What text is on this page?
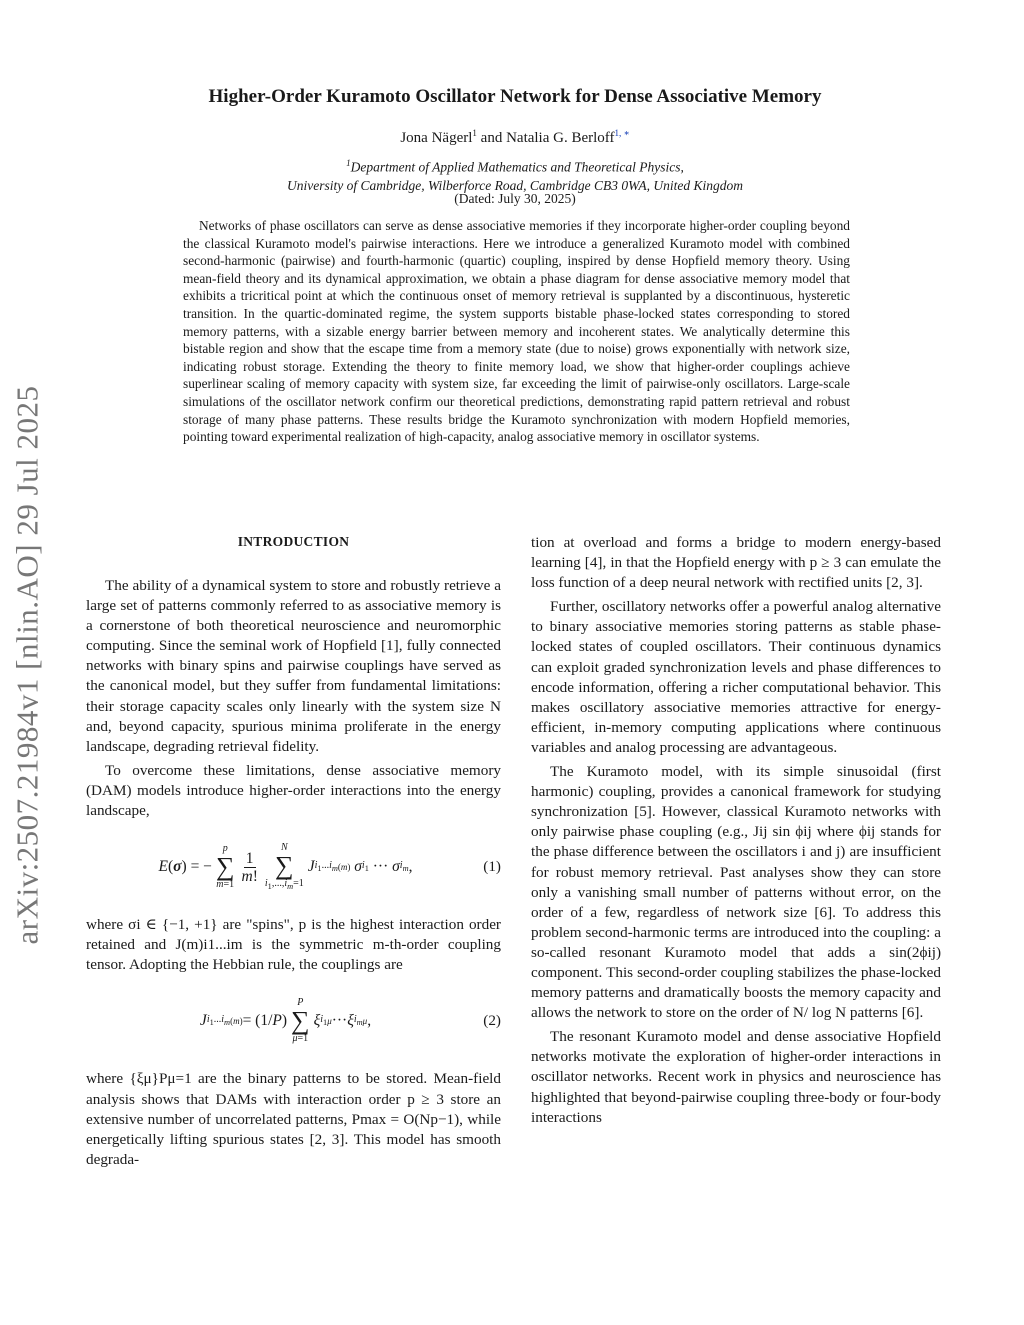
arXiv:2507.21984v1 [nlin.AO] 29 Jul 2025
Higher-Order Kuramoto Oscillator Network for Dense Associative Memory
Jona Nägerl$^1$ and Natalia G. Berloff$^{1, ∗}$
$^1$Department of Applied Mathematics and Theoretical Physics,
University of Cambridge, Wilberforce Road, Cambridge CB3 0WA, United Kingdom
(Dated: July 30, 2025)

Networks of phase oscillators can serve as dense associative memories if they incorporate higher-order coupling beyond the classical Kuramoto model's pairwise interactions. Here we introduce a generalized Kuramoto model with combined second-harmonic (pairwise) and fourth-harmonic (quartic) coupling, inspired by dense Hopfield memory theory. Using mean-field theory and its dynamical approximation, we obtain a phase diagram for dense associative memory model that exhibits a tricritical point at which the continuous onset of memory retrieval is supplanted by a discontinuous, hysteretic transition. In the quartic-dominated regime, the system supports bistable phase-locked states corresponding to stored memory patterns, with a sizable energy barrier between memory and incoherent states. We analytically determine this bistable region and show that the escape time from a memory state (due to noise) grows exponentially with network size, indicating robust storage. Extending the theory to finite memory load, we show that higher-order couplings achieve superlinear scaling of memory capacity with system size, far exceeding the limit of pairwise-only oscillators. Large-scale simulations of the oscillator network confirm our theoretical predictions, demonstrating rapid pattern retrieval and robust storage of many phase patterns. These results bridge the Kuramoto synchronization with modern Hopfield memories, pointing toward experimental realization of high-capacity, analog associative memory in oscillator systems.

INTRODUCTION

The ability of a dynamical system to store and robustly retrieve a large set of patterns commonly referred to as associative memory is a cornerstone of both theoretical neuroscience and neuromorphic computing. Since the seminal work of Hopfield [1], fully connected networks with binary spins and pairwise couplings have served as the canonical model, but they suffer from fundamental limitations: their storage capacity scales only linearly with the system size N and, beyond capacity, spurious minima proliferate in the energy landscape, degrading retrieval fidelity.

To overcome these limitations, dense associative memory (DAM) models introduce higher-order interactions into the energy landscape,

E ( σ ) = −
p
∑
$m=1 \frac{1}{m!}$
N
∑
$i_1,...,i_m=1$
J $i_1...i_m$ (m)
σ $i_1$ ··· σ $i_m$ ,	(1)

where σi ∈ {−1, +1} are "spins", p is the highest interaction order retained and J(m)i1...im is the symmetric m-th-order coupling tensor. Adopting the Hebbian rule, the couplings are

J $i_1...i_m$ (m) = (1/ P )
P
∑
μ=1
ξ $i_1$ μ ··· ξ $i_m$ μ ,	(2)

where {ξμ}Pμ=1 are the binary patterns to be stored. Mean-field analysis shows that DAMs with interaction order p ≥ 3 store an extensive number of uncorrelated patterns, Pmax = O(Np−1), while energetically lifting spurious states [2, 3]. This model has smooth degrada-

tion at overload and forms a bridge to modern energy-based learning [4], in that the Hopfield energy with p ≥ 3 can emulate the loss function of a deep neural network with rectified units [2, 3].

Further, oscillatory networks offer a powerful analog alternative to binary associative memories storing patterns as stable phase-locked states of coupled oscillators. Their continuous dynamics can exploit graded synchronization levels and phase differences to encode information, offering a richer computational behavior. This makes oscillatory associative memories attractive for energy-efficient, in-memory computing applications where continuous variables and analog processing are advantageous.

The Kuramoto model, with its simple sinusoidal (first harmonic) coupling, provides a canonical framework for studying synchronization [5]. However, classical Kuramoto networks with only pairwise phase coupling (e.g., Jij sin ϕij where ϕij stands for the phase difference between the oscillators i and j) are insufficient for robust memory retrieval. Past analyses show they can store only a vanishing small number of patterns without error, on the order of a few, regardless of network size [6]. To address this problem second-harmonic terms are introduced into the coupling: a so-called resonant Kuramoto model that adds a sin(2ϕij) component. This second-order coupling stabilizes the phase-locked memory patterns and dramatically boosts the memory capacity and allows the network to store on the order of N/ log N patterns [6].

The resonant Kuramoto model and dense associative Hopfield networks motivate the exploration of higher-order interactions in oscillator networks. Recent work in physics and neuroscience has highlighted that beyond-pairwise coupling three-body or four-body interactions
